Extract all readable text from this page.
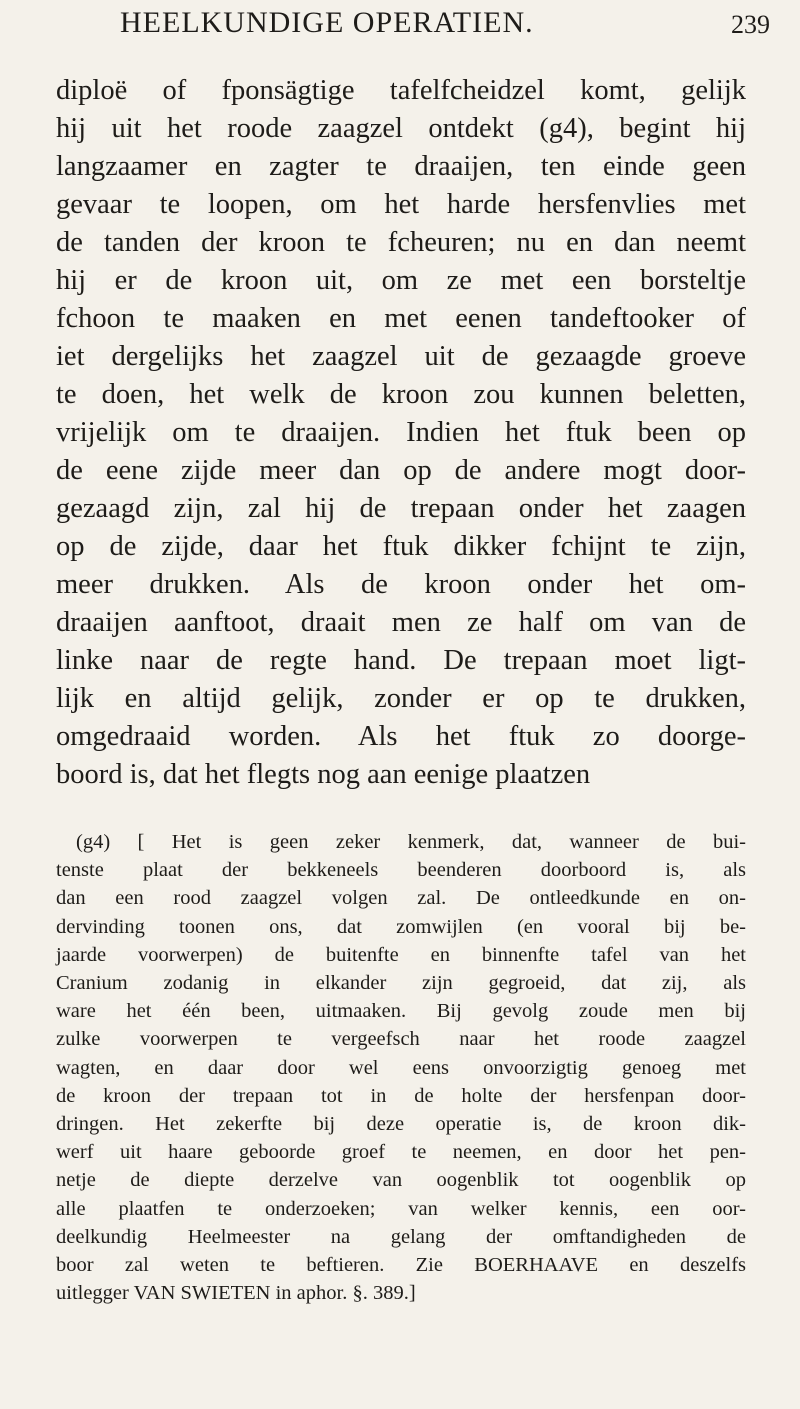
HEELKUNDIGE OPERATIEN.	239
diploë of fponsägtige tafelfcheidzel komt, gelijk
hij uit het roode zaagzel ontdekt (g4), begint hij
langzaamer en zagter te draaijen, ten einde geen
gevaar te loopen, om het harde hersfenvlies met
de tanden der kroon te fcheuren; nu en dan neemt
hij er de kroon uit, om ze met een borsteltje
fchoon te maaken en met eenen tandeftooker of
iet dergelijks het zaagzel uit de gezaagde groeve
te doen, het welk de kroon zou kunnen beletten,
vrijelijk om te draaijen. Indien het ftuk been op
de eene zijde meer dan op de andere mogt door-
gezaagd zijn, zal hij de trepaan onder het zaagen
op de zijde, daar het ftuk dikker fchijnt te zijn,
meer drukken. Als de kroon onder het om-
draaijen aanftoot, draait men ze half om van de
linke naar de regte hand. De trepaan moet ligt-
lijk en altijd gelijk, zonder er op te drukken,
omgedraaid worden. Als het ftuk zo doorge-
boord is, dat het flegts nog aan eenige plaatzen
(g4) [ Het is geen zeker kenmerk, dat, wanneer de bui-
tenste plaat der bekkeneels beenderen doorboord is, als
dan een rood zaagzel volgen zal. De ontleedkunde en on-
dervinding toonen ons, dat zomwijlen (en vooral bij be-
jaarde voorwerpen) de buitenfte en binnenfte tafel van het
Cranium zodanig in elkander zijn gegroeid, dat zij, als
ware het één been, uitmaaken. Bij gevolg zoude men bij
zulke voorwerpen te vergeefsch naar het roode zaagzel
wagten, en daar door wel eens onvoorzigtig genoeg met
de kroon der trepaan tot in de holte der hersfenpan door-
dringen. Het zekerfte bij deze operatie is, de kroon dik-
werf uit haare geboorde groef te neemen, en door het pen-
netje de diepte derzelve van oogenblik tot oogenblik op
alle plaatfen te onderzoeken; van welker kennis, een oor-
deelkundig Heelmeester na gelang der omftandigheden de
boor zal weten te beftieren. Zie BOERHAAVE en deszelfs
uitlegger VAN SWIETEN in aphor. §. 389.]
